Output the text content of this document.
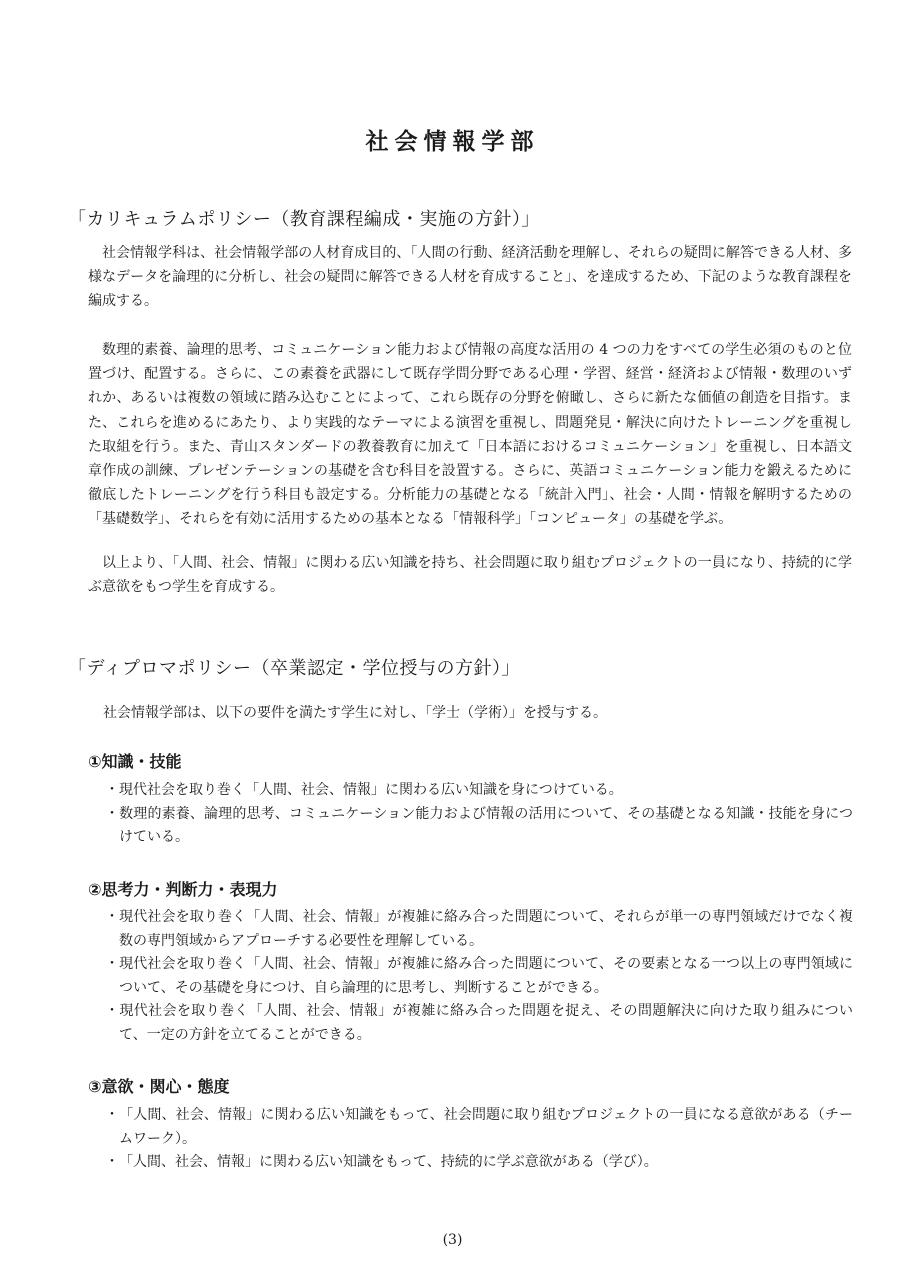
社会情報学部
「カリキュラムポリシー（教育課程編成・実施の方針）」

社会情報学科は、社会情報学部の人材育成目的、「人間の行動、経済活動を理解し、それらの疑問に解答できる人材、多様なデータを論理的に分析し、社会の疑問に解答できる人材を育成すること」、を達成するため、下記のような教育課程を編成する。

数理的素養、論理的思考、コミュニケーション能力および情報の高度な活用の 4 つの力をすべての学生必須のものと位置づけ、配置する。さらに、この素養を武器にして既存学問分野である心理・学習、経営・経済および情報・数理のいずれか、あるいは複数の領域に踏み込むことによって、これら既存の分野を俯瞰し、さらに新たな価値の創造を目指す。また、これらを進めるにあたり、より実践的なテーマによる演習を重視し、問題発見・解決に向けたトレーニングを重視した取組を行う。また、青山スタンダードの教養教育に加えて「日本語におけるコミュニケーション」を重視し、日本語文章作成の訓練、プレゼンテーションの基礎を含む科目を設置する。さらに、英語コミュニケーション能力を鍛えるために徹底したトレーニングを行う科目も設定する。分析能力の基礎となる「統計入門」、社会・人間・情報を解明するための「基礎数学」、それらを有効に活用するための基本となる「情報科学」「コンピュータ」の基礎を学ぶ。

以上より、「人間、社会、情報」に関わる広い知識を持ち、社会問題に取り組むプロジェクトの一員になり、持続的に学ぶ意欲をもつ学生を育成する。

「ディプロマポリシー（卒業認定・学位授与の方針）」
社会情報学部は、以下の要件を満たす学生に対し、「学士（学術）」を授与する。
①知識・技能
・現代社会を取り巻く「人間、社会、情報」に関わる広い知識を身につけている。
・数理的素養、論理的思考、コミュニケーション能力および情報の活用について、その基礎となる知識・技能を身につけている。
②思考力・判断力・表現力
・現代社会を取り巻く「人間、社会、情報」が複雑に絡み合った問題について、それらが単一の専門領域だけでなく複数の専門領域からアプローチする必要性を理解している。
・現代社会を取り巻く「人間、社会、情報」が複雑に絡み合った問題について、その要素となる一つ以上の専門領域について、その基礎を身につけ、自ら論理的に思考し、判断することができる。
・現代社会を取り巻く「人間、社会、情報」が複雑に絡み合った問題を捉え、その問題解決に向けた取り組みについて、一定の方針を立てることができる。
③意欲・関心・態度
・「人間、社会、情報」に関わる広い知識をもって、社会問題に取り組むプロジェクトの一員になる意欲がある（チームワーク）。
・「人間、社会、情報」に関わる広い知識をもって、持続的に学ぶ意欲がある（学び）。
(3)
